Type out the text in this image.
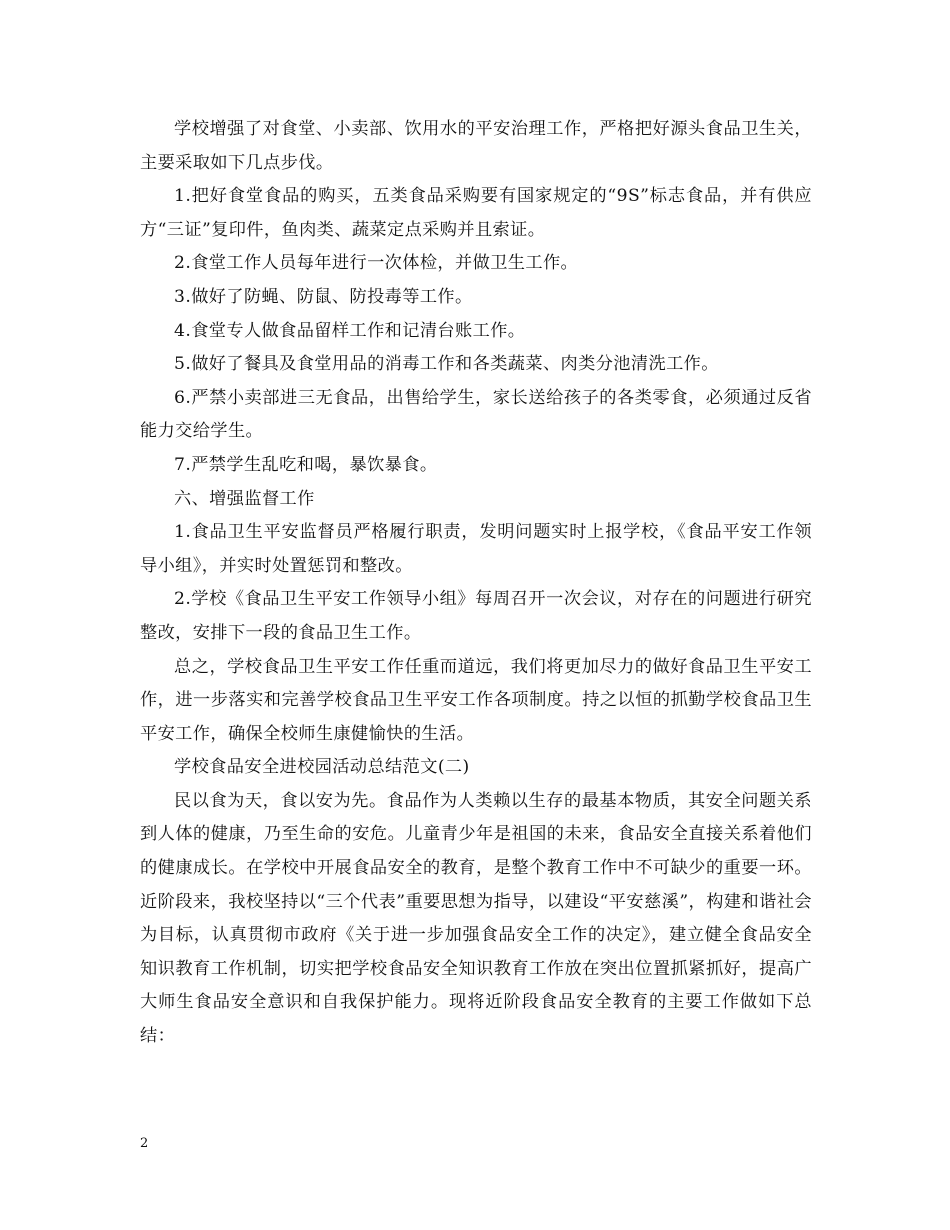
学校增强了对食堂、小卖部、饮用水的平安治理工作，严格把好源头食品卫生关，主要采取如下几点步伐。

1.把好食堂食品的购买，五类食品采购要有国家规定的“9S”标志食品，并有供应方“三证”复印件，鱼肉类、蔬菜定点采购并且索证。

2.食堂工作人员每年进行一次体检，并做卫生工作。

3.做好了防蝇、防鼠、防投毒等工作。

4.食堂专人做食品留样工作和记清台账工作。

5.做好了餐具及食堂用品的消毒工作和各类蔬菜、肉类分池清洗工作。

6.严禁小卖部进三无食品，出售给学生，家长送给孩子的各类零食，必须通过反省能力交给学生。

7.严禁学生乱吃和喝，暴饮暴食。

六、增强监督工作

1.食品卫生平安监督员严格履行职责，发明问题实时上报学校，《食品平安工作领导小组》，并实时处置惩罚和整改。

2.学校《食品卫生平安工作领导小组》每周召开一次会议，对存在的问题进行研究整改，安排下一段的食品卫生工作。

总之，学校食品卫生平安工作任重而道远，我们将更加尽力的做好食品卫生平安工作，进一步落实和完善学校食品卫生平安工作各项制度。持之以恒的抓勤学校食品卫生平安工作，确保全校师生康健愉快的生活。

学校食品安全进校园活动总结范文(二)

民以食为天，食以安为先。食品作为人类赖以生存的最基本物质，其安全问题关系到人体的健康，乃至生命的安危。儿童青少年是祖国的未来，食品安全直接关系着他们的健康成长。在学校中开展食品安全的教育，是整个教育工作中不可缺少的重要一环。近阶段来，我校坚持以“三个代表”重要思想为指导，以建设“平安慈溪”，构建和谐社会为目标，认真贯彻市政府《关于进一步加强食品安全工作的决定》，建立健全食品安全知识教育工作机制，切实把学校食品安全知识教育工作放在突出位置抓紧抓好，提高广大师生食品安全意识和自我保护能力。现将近阶段食品安全教育的主要工作做如下总结：

2
